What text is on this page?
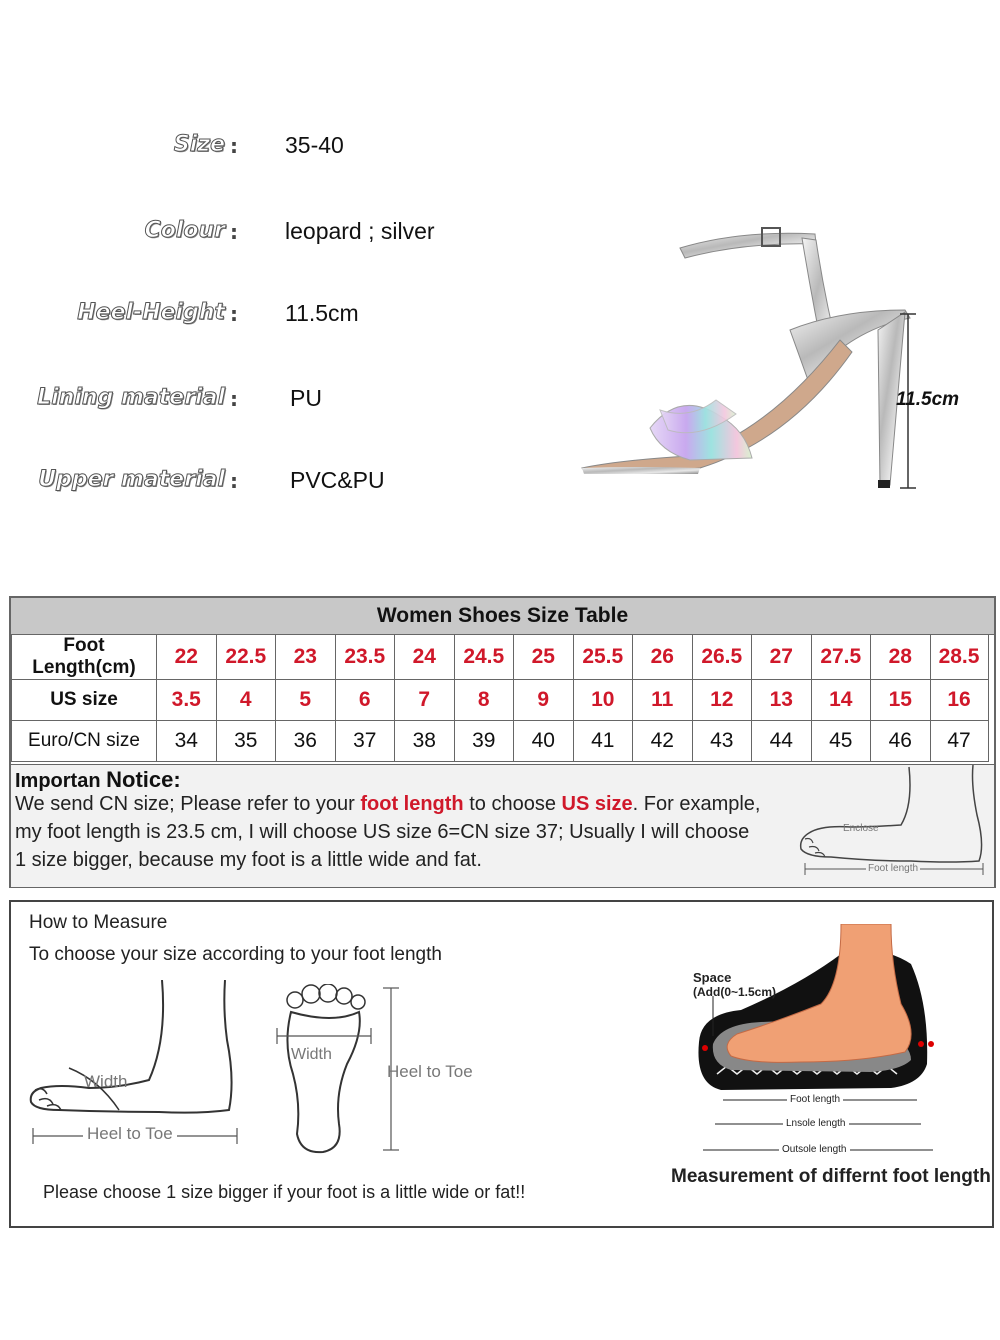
Size : 35-40
Colour : leopard ; silver
Heel-Height : 11.5cm
Lining material : PU
Upper material : PVC&PU
11.5cm
Women Shoes Size Table
Foot Length(cm)	22	22.5	23	23.5	24	24.5	25	25.5	26	26.5	27	27.5	28	28.5
US size	3.5	4	5	6	7	8	9	10	11	12	13	14	15	16
Euro/CN size	34	35	36	37	38	39	40	41	42	43	44	45	46	47
Importan Notice:
We send CN size; Please refer to your foot length to choose US size. For example,
my foot length is 23.5 cm, I will choose US size 6=CN size 37; Usually I will choose
1 size bigger, because my foot is a little wide and fat.
Enclose
Foot length
How to Measure
To choose your size according to your foot length
Width
Heel to Toe
Width
Heel to Toe
Please choose 1 size bigger if your foot is a little wide or fat!!
Space
(Add(0~1.5cm)
Foot length
Lnsole length
Outsole length
Measurement of differnt foot length
